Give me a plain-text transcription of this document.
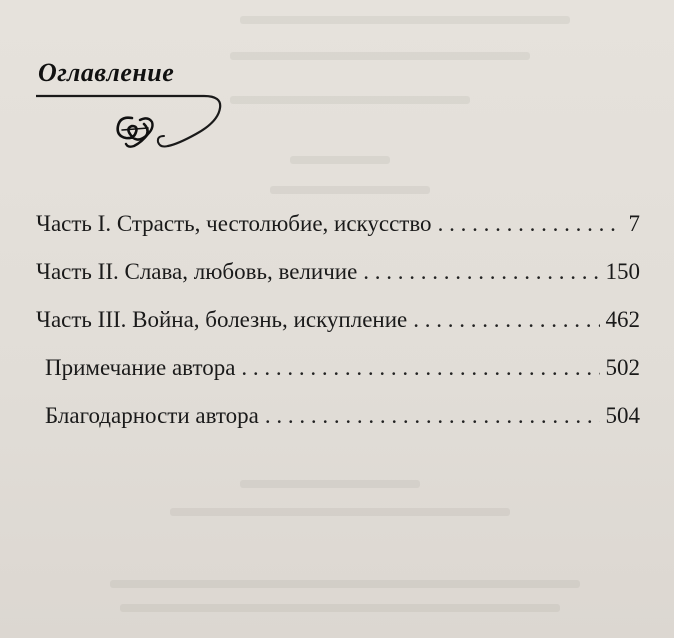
Оглавление
Часть I. Страсть, честолюбие, искусство . . .	7
Часть II. Слава, любовь, величие . . .	150
Часть III. Война, болезнь, искупление . . .	462
Примечание автора . . .	502
Благодарности автора . . .	504
